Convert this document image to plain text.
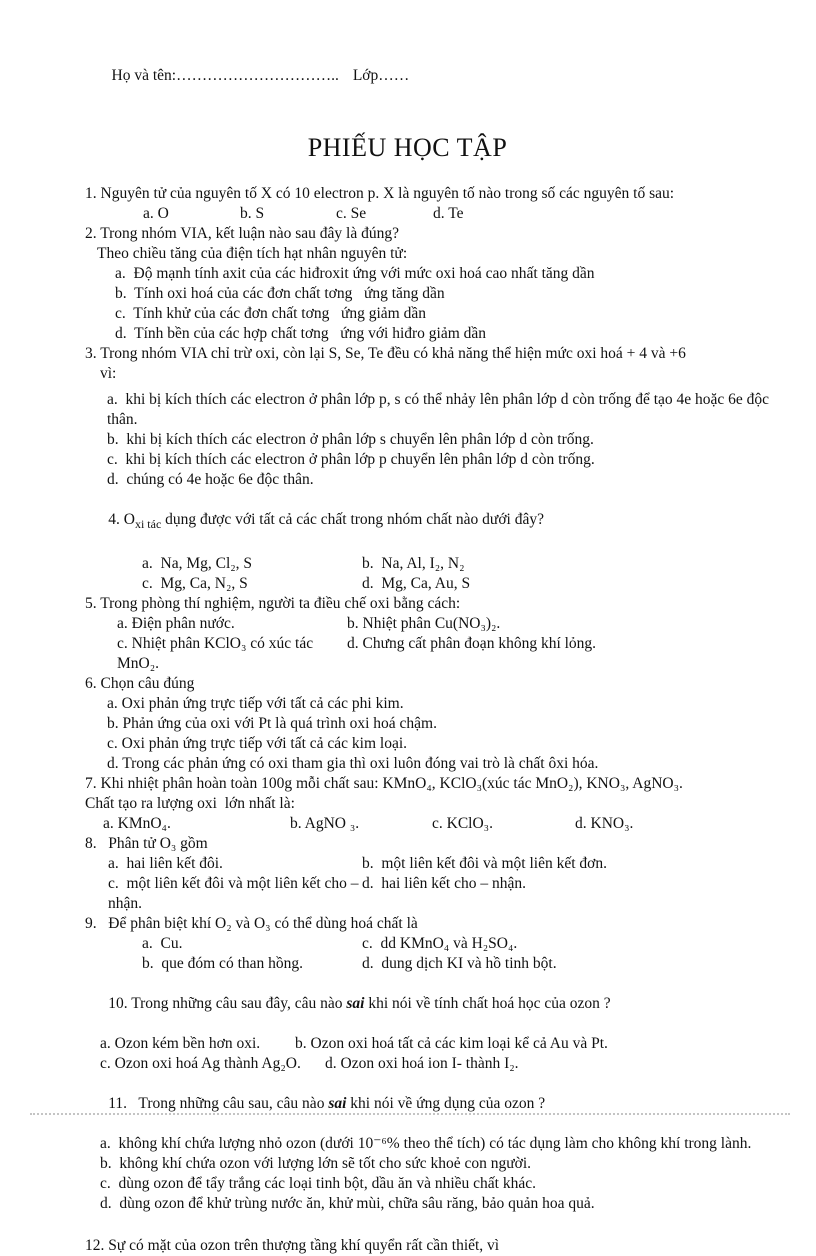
Họ và tên:………………………….. Lớp……

PHIẾU HỌC TẬP
1. Nguyên tử của nguyên tố X có 10 electron p. X là nguyên tố nào trong số các nguyên tố sau:
a. O	b. S	c. Se	d. Te
2. Trong nhóm VIA, kết luận nào sau đây là đúng?
Theo chiều tăng của điện tích hạt nhân nguyên tử:
a.  Độ mạnh tính axit của các hiđroxit ứng với mức oxi hoá cao nhất tăng dần
b.  Tính oxi hoá của các đơn chất tơng   ứng tăng dần
c.  Tính khử của các đơn chất tơng   ứng giảm dần
d.  Tính bền của các hợp chất tơng   ứng với hiđro giảm dần
3. Trong nhóm VIA chỉ trừ oxi, còn lại S, Se, Te đều có khả năng thể hiện mức oxi hoá + 4 và +6
vì:
a.  khi bị kích thích các electron ở phân lớp p, s có thể nhảy lên phân lớp d còn trống để tạo 4e hoặc 6e độc thân.
b.  khi bị kích thích các electron ở phân lớp s chuyển lên phân lớp d còn trống.
c.  khi bị kích thích các electron ở phân lớp p chuyển lên phân lớp d còn trống.
d.  chúng có 4e hoặc 6e độc thân.

4. $O_{xi tác}$ dụng được với tất cả các chất trong nhóm chất nào dưới đây?

a.  Na, Mg, Cl₂, S	b.  Na, Al, I₂, N₂
c.  Mg, Ca, N₂, S	d.  Mg, Ca, Au, S
5. Trong phòng thí nghiệm, người ta điều chế oxi bằng cách:
a. Điện phân nước.	b. Nhiệt phân Cu(NO₃)₂.
c. Nhiệt phân KClO₃ có xúc tác MnO₂.
d. Chưng cất phân đoạn không khí lỏng.
6. Chọn câu đúng
a. Oxi phản ứng trực tiếp với tất cả các phi kim.
b. Phản ứng của oxi với Pt là quá trình oxi hoá chậm.
c. Oxi phản ứng trực tiếp với tất cả các kim loại.
d. Trong các phản ứng có oxi tham gia thì oxi luôn đóng vai trò là chất ôxi hóa.
7. Khi nhiệt phân hoàn toàn 100g mỗi chất sau: KMnO₄, KClO₃(xúc tác MnO₂), KNO₃, AgNO₃.
Chất tạo ra lượng oxi  lớn nhất là:
a. KMnO₄.	b. AgNO ₃.	c. KClO₃.	d. KNO₃.
8.   Phân tử O₃ gồm
a.  hai liên kết đôi.	b.  một liên kết đôi và một liên kết đơn.
c.  một liên kết đôi và một liên kết cho – nhận.
d.  hai liên kết cho – nhận.
9.   Để phân biệt khí O₂ và O₃ có thể dùng hoá chất là
a.  Cu.	c.  dd KMnO₄ và H₂SO₄.
b.  que đóm có than hồng.	d.  dung dịch KI và hồ tinh bột.

10. Trong những câu sau đây, câu nào sai khi nói về tính chất hoá học của ozon ?

a. Ozon kém bền hơn oxi.	b. Ozon oxi hoá tất cả các kim loại kể cả Au và Pt.
c. Ozon oxi hoá Ag thành Ag₂O.	d. Ozon oxi hoá ion I- thành I₂.

11.   Trong những câu sau, câu nào sai khi nói về ứng dụng của ozon ?

a.  không khí chứa lượng nhỏ ozon (dưới 10⁻⁶% theo thể tích) có tác dụng làm cho không khí trong lành.
b.  không khí chứa ozon với lượng lớn sẽ tốt cho sức khoẻ con người.
c.  dùng ozon để tẩy trắng các loại tinh bột, dầu ăn và nhiều chất khác.
d.  dùng ozon để khử trùng nước ăn, khử mùi, chữa sâu răng, bảo quản hoa quả.
12. Sự có mặt của ozon trên thượng tầng khí quyển rất cần thiết, vì
